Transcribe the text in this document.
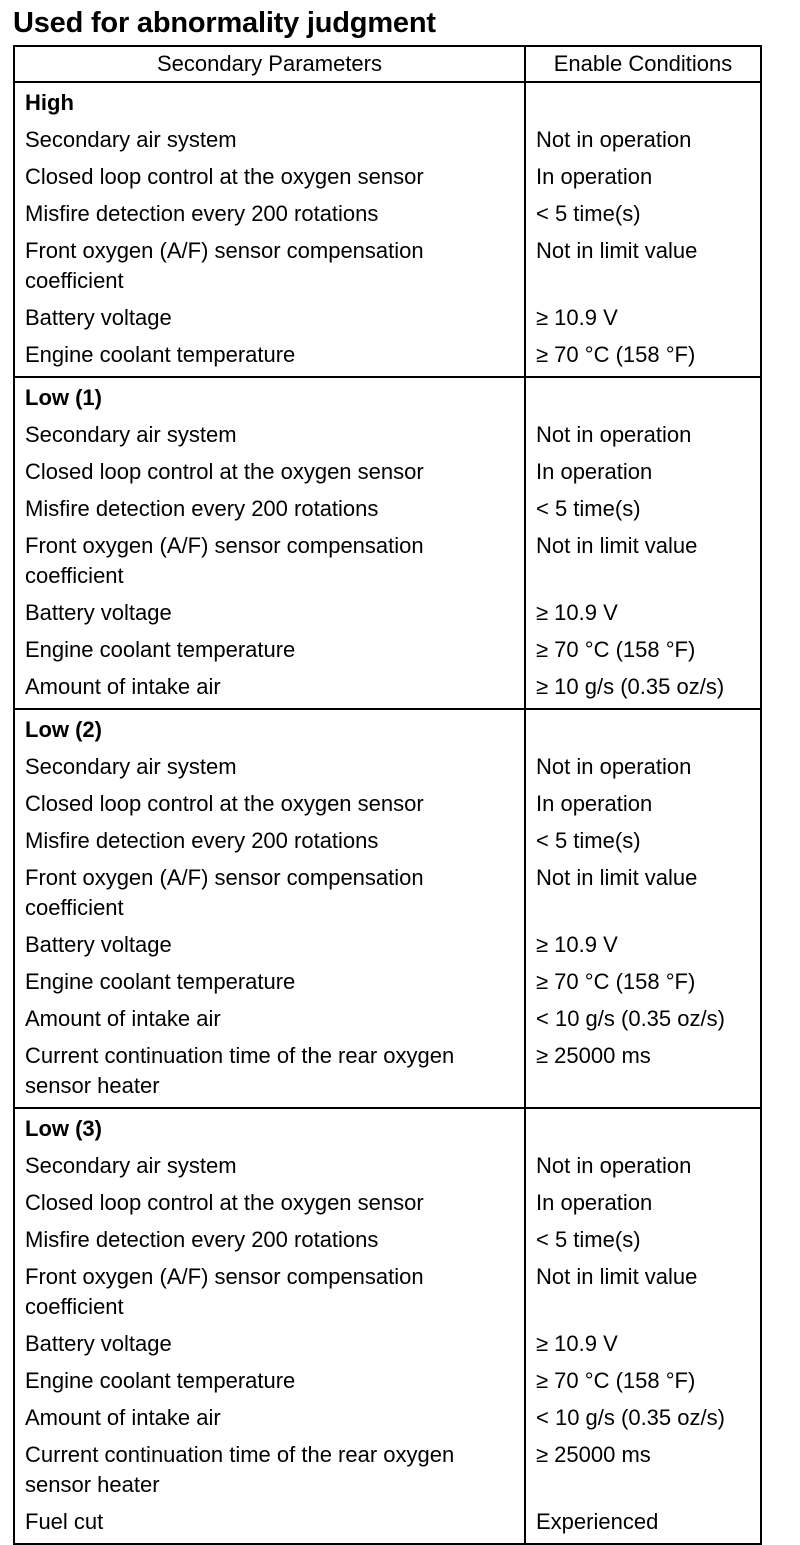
Used for abnormality judgment
Secondary Parameters	Enable Conditions
High	
Secondary air system	Not in operation
Closed loop control at the oxygen sensor	In operation
Misfire detection every 200 rotations	< 5 time(s)
Front oxygen (A/F) sensor compensation coefficient	Not in limit value
Battery voltage	≥ 10.9 V
Engine coolant temperature	≥ 70 °C (158 °F)
Low (1)	
Secondary air system	Not in operation
Closed loop control at the oxygen sensor	In operation
Misfire detection every 200 rotations	< 5 time(s)
Front oxygen (A/F) sensor compensation coefficient	Not in limit value
Battery voltage	≥ 10.9 V
Engine coolant temperature	≥ 70 °C (158 °F)
Amount of intake air	≥ 10 g/s (0.35 oz/s)
Low (2)	
Secondary air system	Not in operation
Closed loop control at the oxygen sensor	In operation
Misfire detection every 200 rotations	< 5 time(s)
Front oxygen (A/F) sensor compensation coefficient	Not in limit value
Battery voltage	≥ 10.9 V
Engine coolant temperature	≥ 70 °C (158 °F)
Amount of intake air	< 10 g/s (0.35 oz/s)
Current continuation time of the rear oxygen sensor heater	≥ 25000 ms
Low (3)	
Secondary air system	Not in operation
Closed loop control at the oxygen sensor	In operation
Misfire detection every 200 rotations	< 5 time(s)
Front oxygen (A/F) sensor compensation coefficient	Not in limit value
Battery voltage	≥ 10.9 V
Engine coolant temperature	≥ 70 °C (158 °F)
Amount of intake air	< 10 g/s (0.35 oz/s)
Current continuation time of the rear oxygen sensor heater	≥ 25000 ms
Fuel cut	Experienced
